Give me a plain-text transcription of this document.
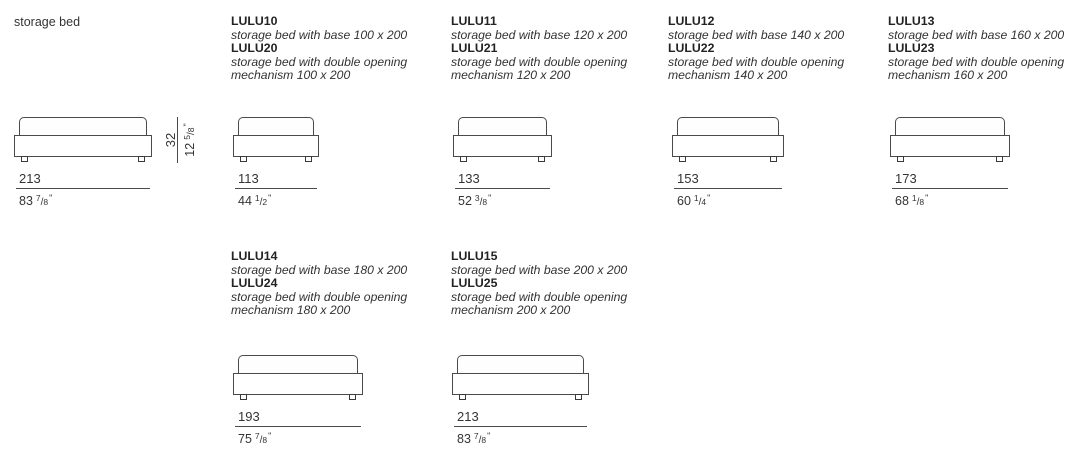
storage bed	LULU10
storage bed with base 100 x 200
LULU20
storage bed with double opening mechanism 100 x 200
LULU11
storage bed with base 120 x 200
LULU21
storage bed with double opening mechanism 120 x 200
LULU12
storage bed with base 140 x 200
LULU22
storage bed with double opening mechanism 140 x 200
LULU13
storage bed with base 160 x 200
LULU23
storage bed with double opening mechanism 160 x 200
LULU14
storage bed with base 180 x 200
LULU24
storage bed with double opening mechanism 180 x 200
LULU15
storage bed with base 200 x 200
LULU25
storage bed with double opening mechanism 200 x 200
213
83 $^7$/8"
113
44 $^1$/2"
133
52 $^3$/8"
153
60 $^1$/4"
173
68 $^1$/8"
32
$12^5/8^"$
193
75 $^7$/8"
213
83 $^7$/8"
